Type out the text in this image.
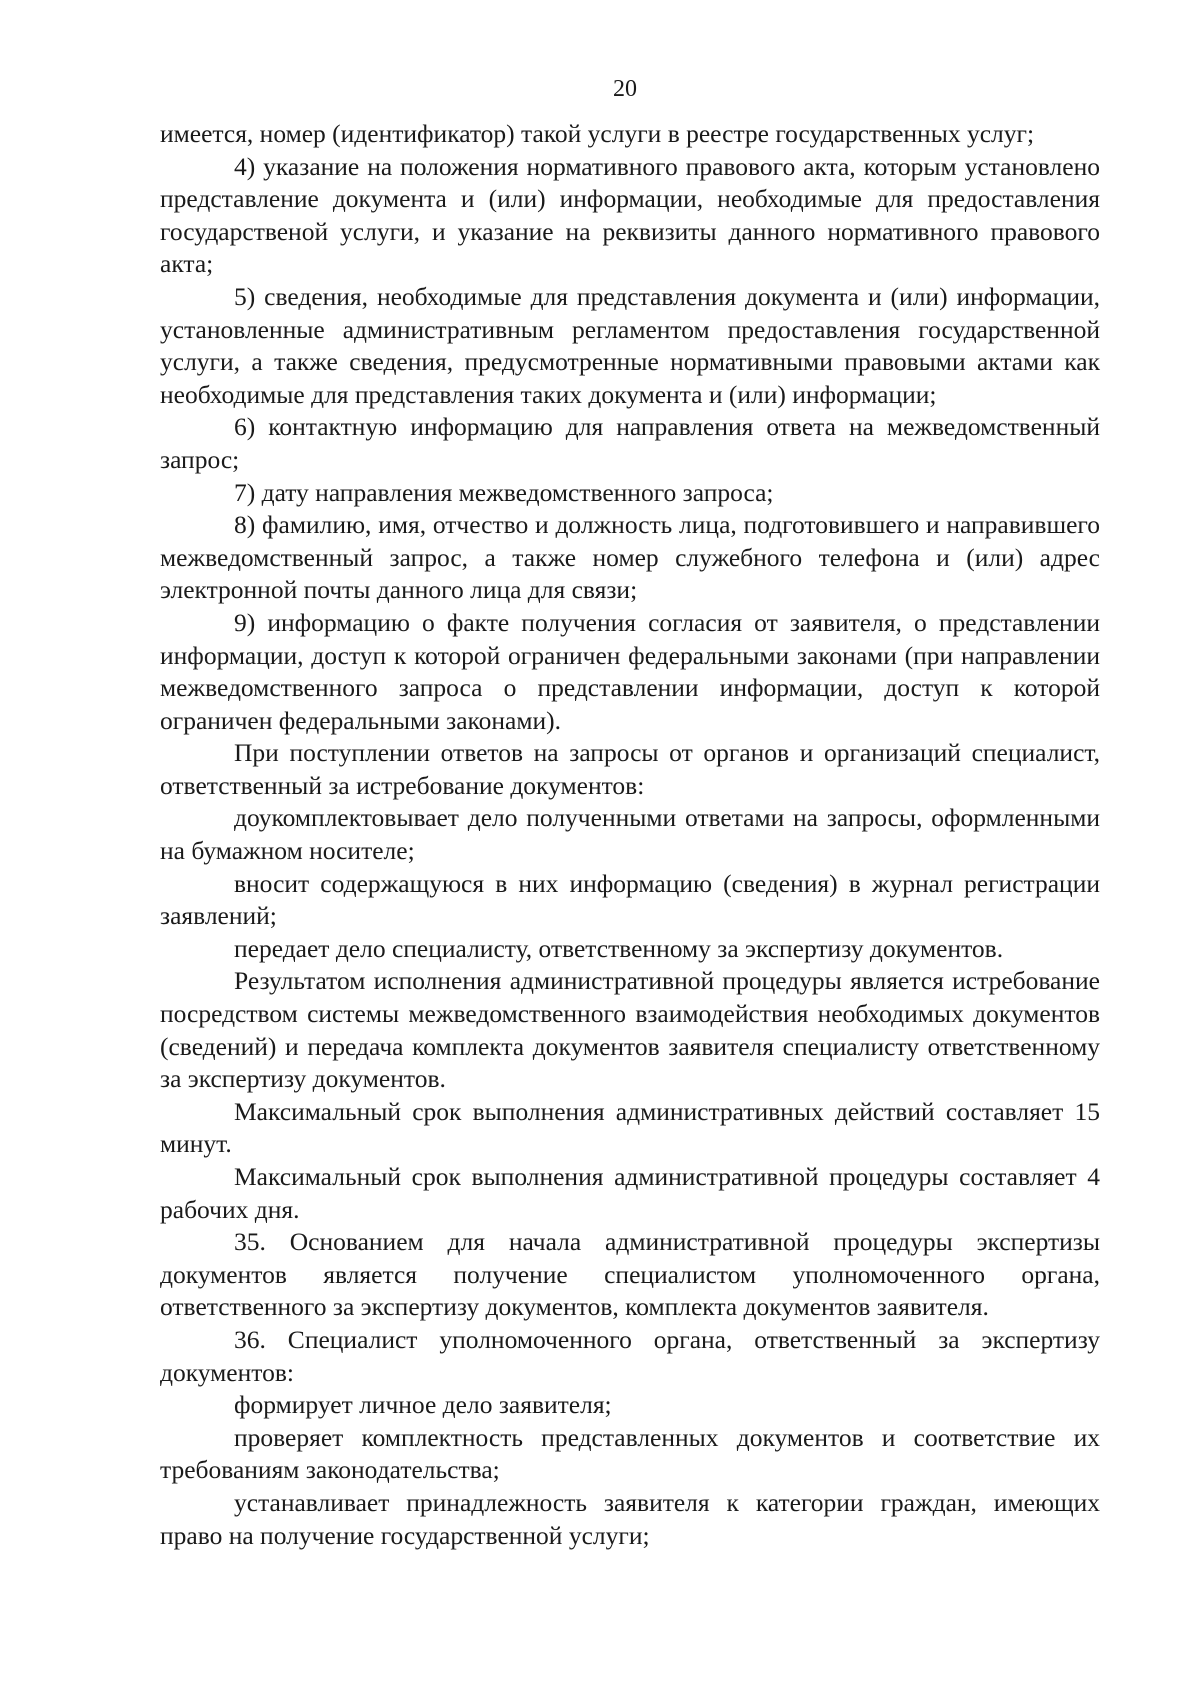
20

имеется, номер (идентификатор) такой услуги в реестре государственных услуг;

4) указание на положения нормативного правового акта, которым установлено представление документа и (или) информации, необходимые для предоставления государственой услуги, и указание на реквизиты данного нормативного правового акта;

5) сведения, необходимые для представления документа и (или) информации, установленные административным регламентом предоставления государственной услуги, а также сведения, предусмотренные нормативными правовыми актами как необходимые для представления таких документа и (или) информации;

6) контактную информацию для направления ответа на межведомственный запрос;

7) дату направления межведомственного запроса;

8) фамилию, имя, отчество и должность лица, подготовившего и направившего межведомственный запрос, а также номер служебного телефона и (или) адрес электронной почты данного лица для связи;

9) информацию о факте получения согласия от заявителя, о представлении информации, доступ к которой ограничен федеральными законами (при направлении межведомственного запроса о представлении информации, доступ к которой ограничен федеральными законами).

При поступлении ответов на запросы от органов и организаций специалист, ответственный за истребование документов:

доукомплектовывает дело полученными ответами на запросы, оформленными на бумажном носителе;

вносит содержащуюся в них информацию (сведения) в журнал регистрации заявлений;

передает дело специалисту, ответственному за экспертизу документов.

Результатом исполнения административной процедуры является истребование посредством системы межведомственного взаимодействия необходимых документов (сведений) и передача комплекта документов заявителя специалисту ответственному за экспертизу документов.

Максимальный срок выполнения административных действий составляет 15 минут.

Максимальный срок выполнения административной процедуры составляет 4 рабочих дня.

35. Основанием для начала административной процедуры экспертизы документов является получение специалистом уполномоченного органа, ответственного за экспертизу документов, комплекта документов заявителя.

36. Специалист уполномоченного органа, ответственный за экспертизу документов:

формирует личное дело заявителя;

проверяет комплектность представленных документов и соответствие их требованиям законодательства;

устанавливает принадлежность заявителя к категории граждан, имеющих право на получение государственной услуги;
